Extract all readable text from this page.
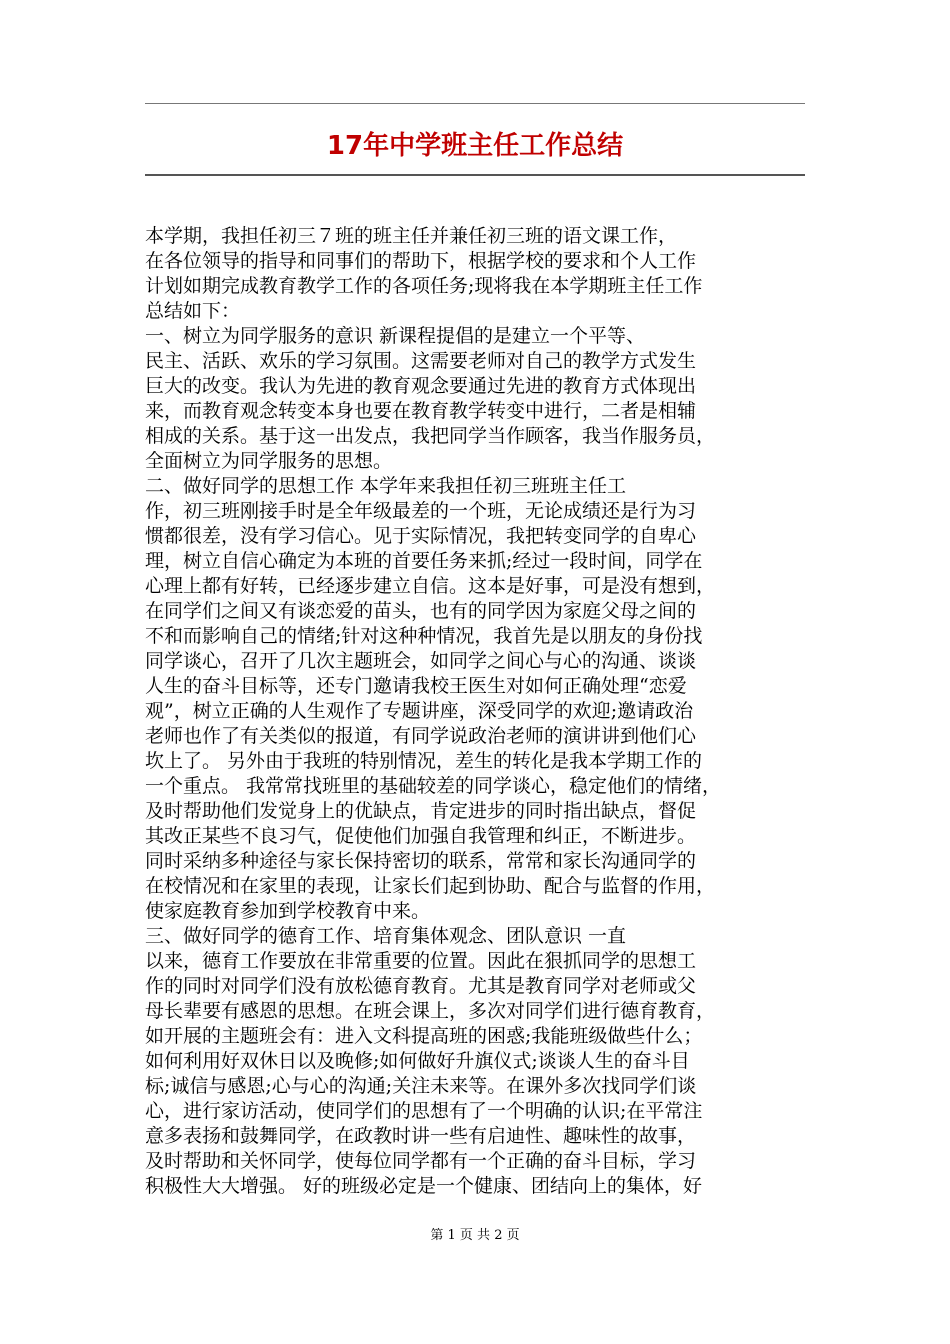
17年中学班主任工作总结
本学期，我担任初三７班的班主任并兼任初三班的语文课工作，
在各位领导的指导和同事们的帮助下，根据学校的要求和个人工作
计划如期完成教育教学工作的各项任务;现将我在本学期班主任工作
总结如下：
一、树立为同学服务的意识 新课程提倡的是建立一个平等、
民主、活跃、欢乐的学习氛围。这需要老师对自己的教学方式发生
巨大的改变。我认为先进的教育观念要通过先进的教育方式体现出
来，而教育观念转变本身也要在教育教学转变中进行，二者是相辅
相成的关系。基于这一出发点，我把同学当作顾客，我当作服务员，
全面树立为同学服务的思想。
二、做好同学的思想工作 本学年来我担任初三班班主任工
作，初三班刚接手时是全年级最差的一个班，无论成绩还是行为习
惯都很差，没有学习信心。见于实际情况，我把转变同学的自卑心
理，树立自信心确定为本班的首要任务来抓;经过一段时间，同学在
心理上都有好转，已经逐步建立自信。这本是好事，可是没有想到，
在同学们之间又有谈恋爱的苗头，也有的同学因为家庭父母之间的
不和而影响自己的情绪;针对这种种情况，我首先是以朋友的身份找
同学谈心，召开了几次主题班会，如同学之间心与心的沟通、谈谈
人生的奋斗目标等，还专门邀请我校王医生对如何正确处理“恋爱
观”，树立正确的人生观作了专题讲座，深受同学的欢迎;邀请政治
老师也作了有关类似的报道，有同学说政治老师的演讲讲到他们心
坎上了。 另外由于我班的特别情况，差生的转化是我本学期工作的
一个重点。 我常常找班里的基础较差的同学谈心，稳定他们的情绪，
及时帮助他们发觉身上的优缺点，肯定进步的同时指出缺点，督促
其改正某些不良习气，促使他们加强自我管理和纠正，不断进步。
同时采纳多种途径与家长保持密切的联系，常常和家长沟通同学的
在校情况和在家里的表现，让家长们起到协助、配合与监督的作用，
使家庭教育参加到学校教育中来。
三、做好同学的德育工作、培育集体观念、团队意识 一直
以来，德育工作要放在非常重要的位置。因此在狠抓同学的思想工
作的同时对同学们没有放松德育教育。尤其是教育同学对老师或父
母长辈要有感恩的思想。在班会课上，多次对同学们进行德育教育，
如开展的主题班会有：进入文科提高班的困惑;我能班级做些什么；
如何利用好双休日以及晚修;如何做好升旗仪式;谈谈人生的奋斗目
标;诚信与感恩;心与心的沟通;关注未来等。在课外多次找同学们谈
心，进行家访活动，使同学们的思想有了一个明确的认识;在平常注
意多表扬和鼓舞同学，在政教时讲一些有启迪性、趣味性的故事，
及时帮助和关怀同学，使每位同学都有一个正确的奋斗目标，学习
积极性大大增强。 好的班级必定是一个健康、团结向上的集体，好
第 1 页 共 2 页
